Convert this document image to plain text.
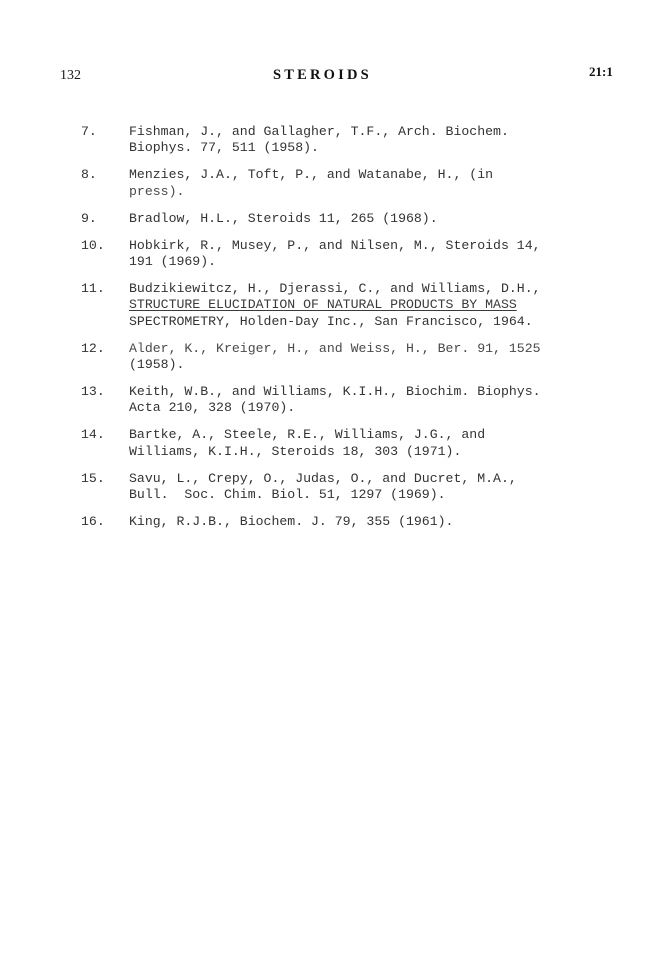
132	STEROIDS	21:1
7. Fishman, J., and Gallagher, T.F., Arch. Biochem.
Biophys. 77, 511 (1958).
8. Menzies, J.A., Toft, P., and Watanabe, H., (in
press).
9. Bradlow, H.L., Steroids 11, 265 (1968).
10. Hobkirk, R., Musey, P., and Nilsen, M., Steroids 14,
191 (1969).
11. Budzikiewitcz, H., Djerassi, C., and Williams, D.H.,
STRUCTURE ELUCIDATION OF NATURAL PRODUCTS BY MASS
SPECTROMETRY, Holden-Day Inc., San Francisco, 1964.
12. Alder, K., Kreiger, H., and Weiss, H., Ber. 91, 1525
(1958).
13. Keith, W.B., and Williams, K.I.H., Biochim. Biophys.
Acta 210, 328 (1970).
14. Bartke, A., Steele, R.E., Williams, J.G., and
Williams, K.I.H., Steroids 18, 303 (1971).
15. Savu, L., Crepy, O., Judas, O., and Ducret, M.A.,
Bull.  Soc. Chim. Biol. 51, 1297 (1969).
16. King, R.J.B., Biochem. J. 79, 355 (1961).
